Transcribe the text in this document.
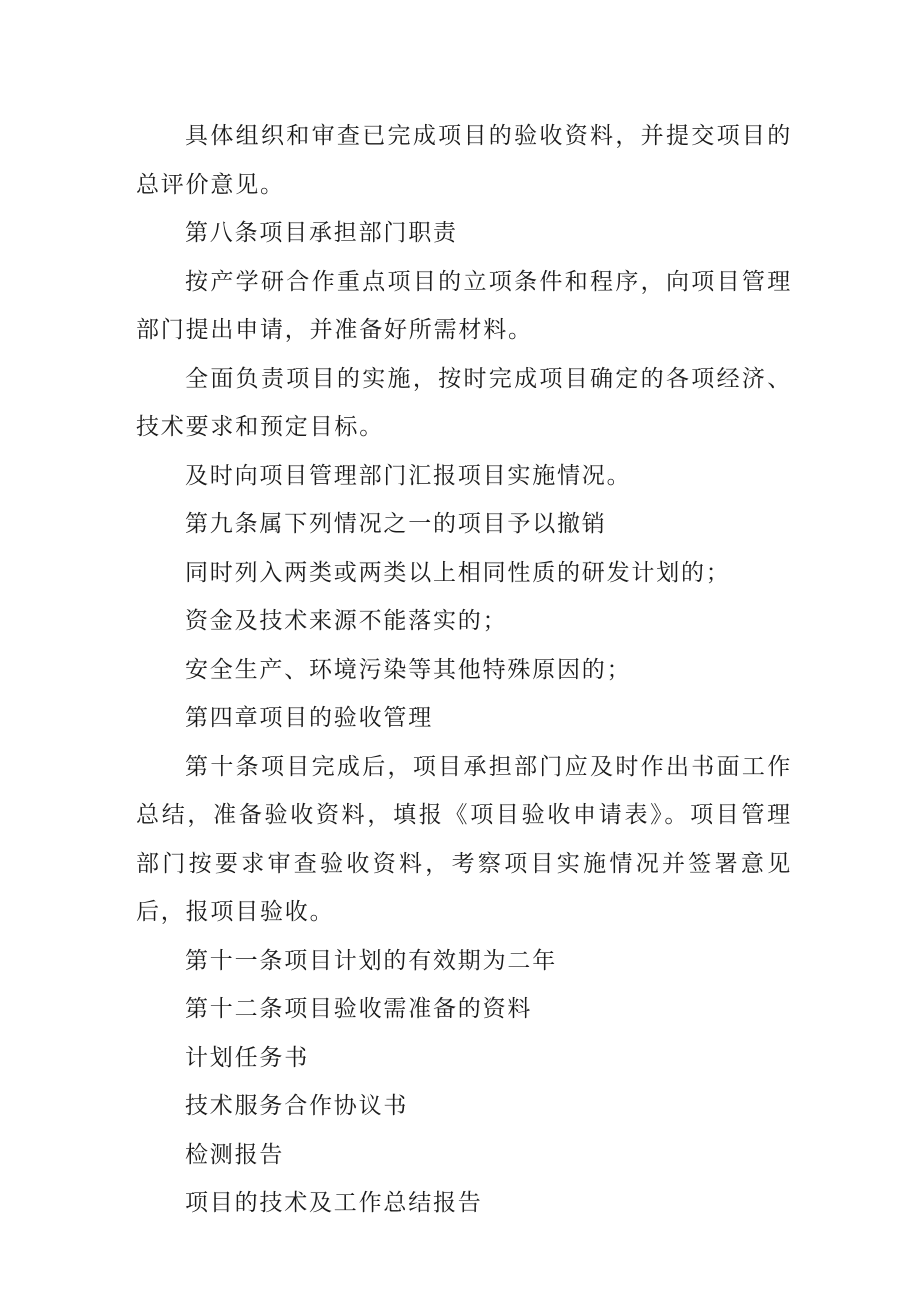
具体组织和审查已完成项目的验收资料，并提交项目的总评价意见。

第八条项目承担部门职责

按产学研合作重点项目的立项条件和程序，向项目管理部门提出申请，并准备好所需材料。

全面负责项目的实施，按时完成项目确定的各项经济、技术要求和预定目标。

及时向项目管理部门汇报项目实施情况。

第九条属下列情况之一的项目予以撤销

同时列入两类或两类以上相同性质的研发计划的；

资金及技术来源不能落实的；

安全生产、环境污染等其他特殊原因的；

第四章项目的验收管理

第十条项目完成后，项目承担部门应及时作出书面工作总结，准备验收资料，填报《项目验收申请表》。项目管理部门按要求审查验收资料，考察项目实施情况并签署意见后，报项目验收。

第十一条项目计划的有效期为二年

第十二条项目验收需准备的资料

计划任务书

技术服务合作协议书

检测报告

项目的技术及工作总结报告
